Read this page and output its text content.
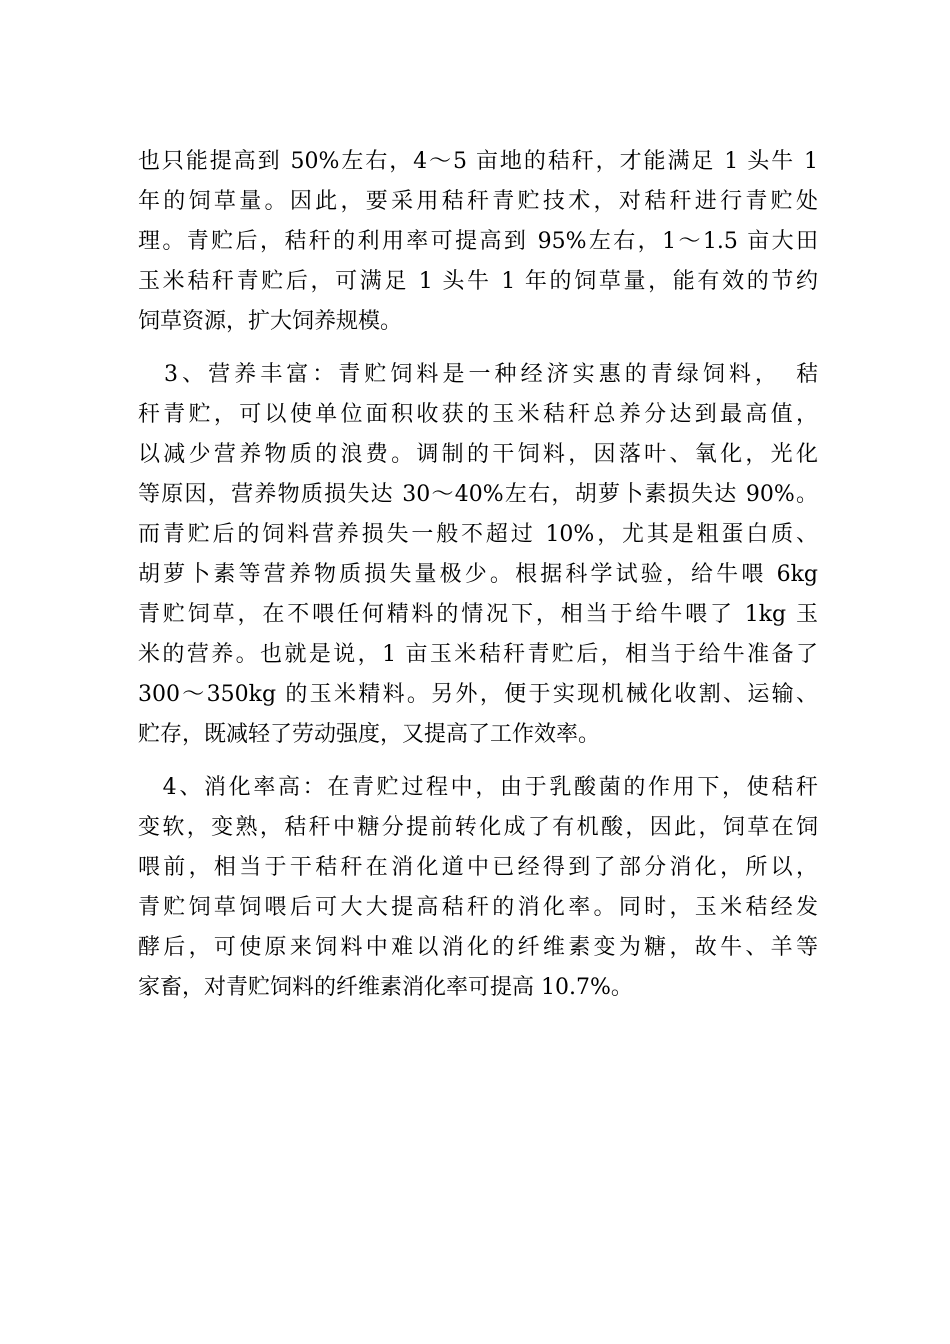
也只能提高到 50%左右，4～5 亩地的秸秆，才能满足 1 头牛 1
年的饲草量。因此，要采用秸秆青贮技术，对秸秆进行青贮处
理。青贮后，秸秆的利用率可提高到 95%左右，1～1.5 亩大田
玉米秸秆青贮后，可满足 1 头牛 1 年的饲草量，能有效的节约
饲草资源，扩大饲养规模。
　3、营养丰富：青贮饲料是一种经济实惠的青绿饲料，　秸
秆青贮，可以使单位面积收获的玉米秸秆总养分达到最高值，
以减少营养物质的浪费。调制的干饲料，因落叶、氧化，光化
等原因，营养物质损失达 30～40%左右，胡萝卜素损失达 90%。
而青贮后的饲料营养损失一般不超过 10%，尤其是粗蛋白质、
胡萝卜素等营养物质损失量极少。根据科学试验，给牛喂 6kg
青贮饲草，在不喂任何精料的情况下，相当于给牛喂了 1kg 玉
米的营养。也就是说，1 亩玉米秸秆青贮后，相当于给牛准备了
300～350kg 的玉米精料。另外，便于实现机械化收割、运输、
贮存，既减轻了劳动强度，又提高了工作效率。
　4、消化率高：在青贮过程中，由于乳酸菌的作用下，使秸秆
变软，变熟，秸秆中糖分提前转化成了有机酸，因此，饲草在饲
喂前，相当于干秸秆在消化道中已经得到了部分消化，所以，
青贮饲草饲喂后可大大提高秸秆的消化率。同时，玉米秸经发
酵后，可使原来饲料中难以消化的纤维素变为糖，故牛、羊等
家畜，对青贮饲料的纤维素消化率可提高 10.7%。
